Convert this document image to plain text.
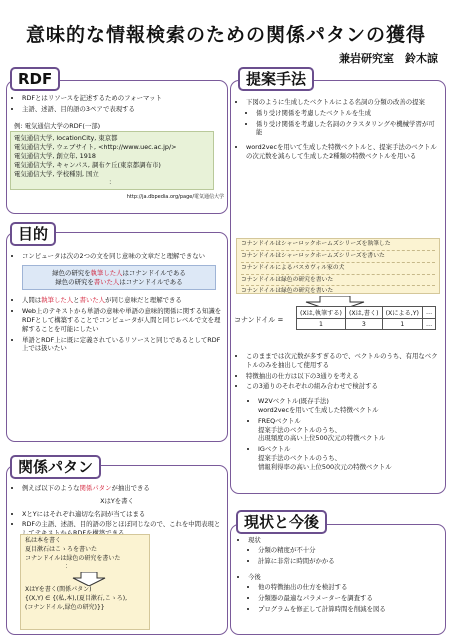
意味的な情報検索のための関係パタンの獲得
兼岩研究室　鈴木諒
RDF
• RDFとはリソースを記述するためのフォーマット
• 主語、述語、目的語の3ペアで表現する
例: 電気通信大学のRDF(一部)
電気通信大学, locationCity, 東京都
電気通信大学, ウェブサイト, <http://www.uec.ac.jp/>
電気通信大学, 創立年, 1918
電気通信大学, キャンパス, 調布ケ丘(東京都調布市)
電気通信大学, 学校種別, 国立
：
http://ja.dbpedia.org/page/電気通信大学
目的
• コンピュータは次の2つの文を同じ意味の文章だと理解できない
緑色の研究を執筆した人はコナンドイルである
緑色の研究を書いた人はコナンドイルである
• 人間は執筆した人と書いた人が同じ意味だと理解できる
• Web上のテキストから単語の意味や単語の意味的関係に関する知識をRDFとして構築することでコンピュータが人間と同じレベルで文を理解することを可能にしたい
• 単語とRDF上に既に定義されているリソースと同じであるとしてRDF上では扱いたい
関係パタン
• 例えば以下のような関係パタンが抽出できる
XはYを書く
• XとYにはそれぞれ適切な名詞が当てはまる
• RDFの主語、述語、目的語の形とほぼ同じなので、これを中間表現と
私は本を書く
夏目漱石はこゝろを書いた
コナンドイルは緑色の研究を書いた
：
XはYを書く(関係パタン)
{(X,Y) ∈ {(私,本),(夏目漱石,こゝろ),
(コナンドイル,緑色の研究)}}
提案手法
• 下図のように生成したベクトルによる名詞の分類の改善の提案
• 係り受け関係を考慮したベクトルを生成
• 係り受け関係を考慮した名詞のクラスタリングや機械学習が可能
• word2vecを用いて生成した特徴ベクトルと、提案手法のベクトルの次元数を減らして生成した2種類の特徴ベクトルを用いる
コナンドイルはシャーロックホームズシリーズを執筆した
コナンドイルはシャーロックホームズシリーズを書いた
コナンドイルによるバスカヴィル家の犬
コナンドイルは緑色の研究を書いた
コナンドイルは緑色の研究を書いた
コナンドイル =
(Xは,執筆する)	(Xは,書く)	(Xによる,Y)	…
1	3	1	…
• このままでは次元数が多すぎるので、ベクトルのうち、有用なベクトルのみを抽出して使用する
• 特徴抽出の仕方は以下の3通りを考える
• この3通りのそれぞれの組み合わせで検討する
• W2Vベクトル(既存手法)
word2vecを用いて生成した特徴ベクトル
• FREQベクトル
提案手法のベクトルのうち、
出現頻度の高い上位500次元の特徴ベクトル
• IGベクトル
提案手法のベクトルのうち、
情報利得率の高い上位500次元の特徴ベクトル
現状と今後
• 現状
• 分類の精度が不十分
• 計算に非常に時間がかかる
• 今後
• 他の特徴抽出の仕方を検討する
• 分類器の最適なパラメーターを調査する
• プログラムを修正して計算時間を削減を図る
